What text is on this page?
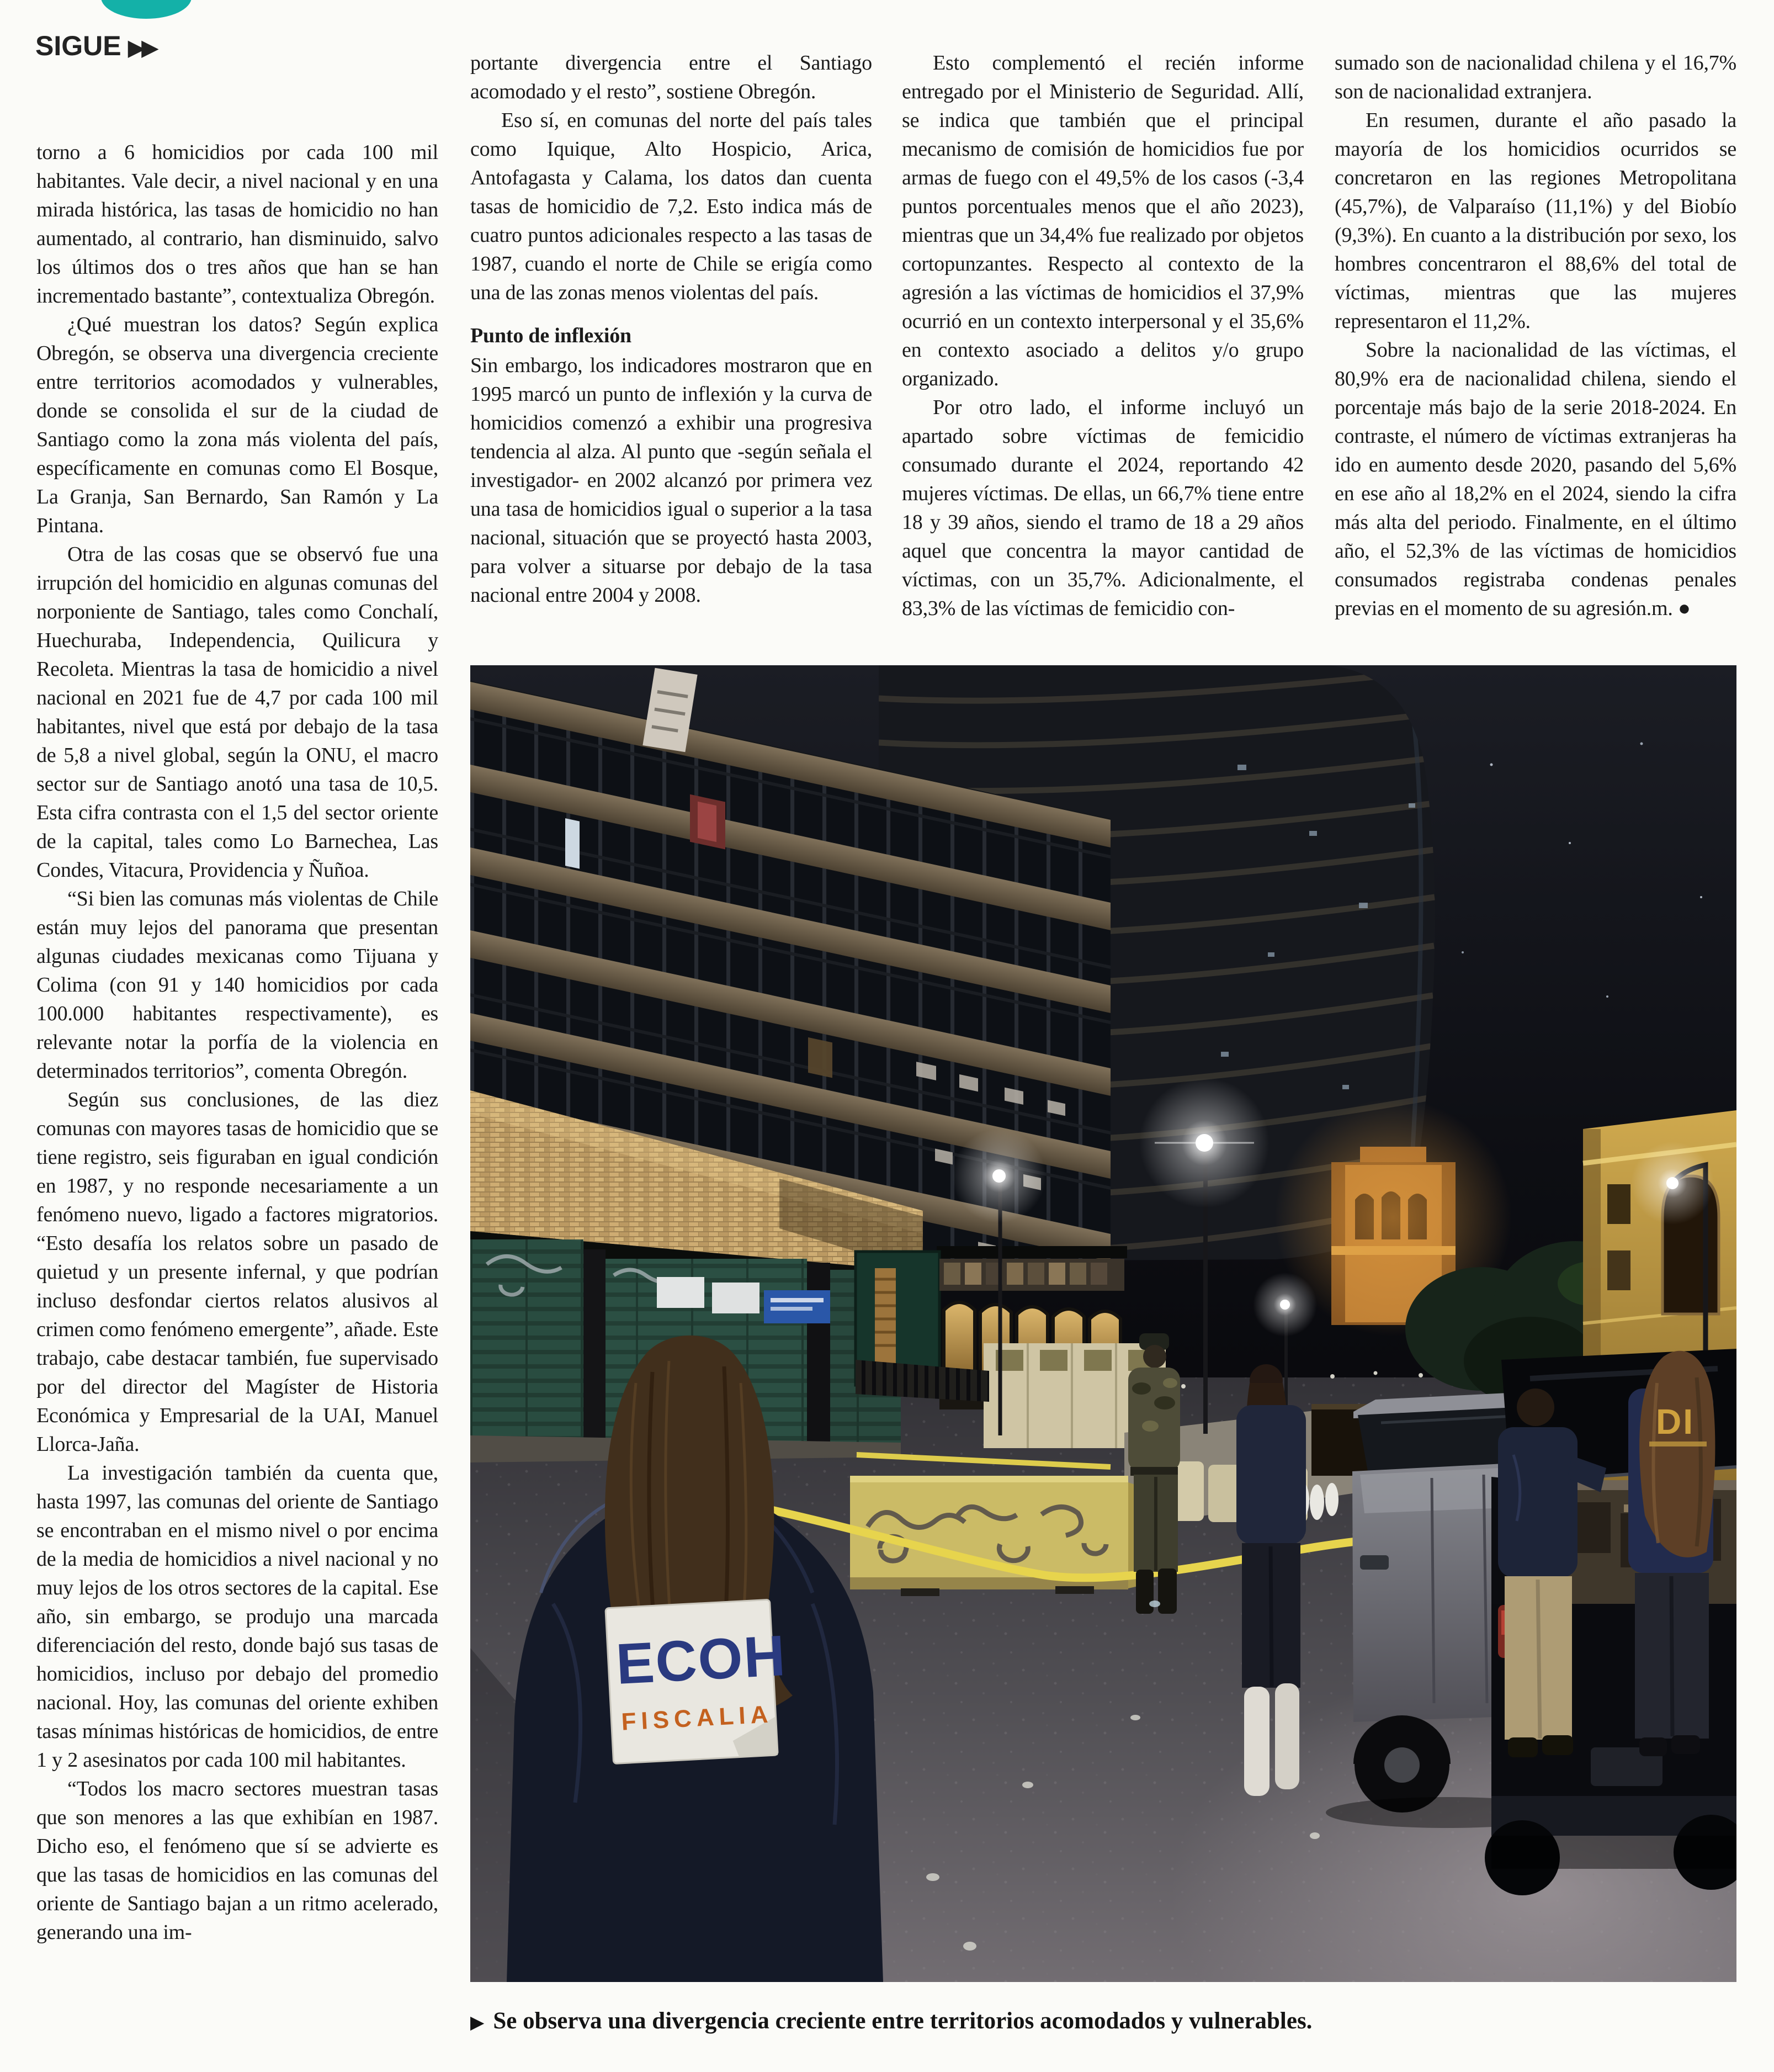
SIGUE ▶▶

torno a 6 homicidios por cada 100 mil habitantes. Vale decir, a nivel nacional y en una mirada histórica, las tasas de homicidio no han aumentado, al contrario, han disminuido, salvo los últimos dos o tres años que han se han incrementado bastante”, contextualiza Obregón.

¿Qué muestran los datos? Según explica Obregón, se observa una divergencia creciente entre territorios acomodados y vulnerables, donde se consolida el sur de la ciudad de Santiago como la zona más violenta del país, específicamente en comunas como El Bosque, La Granja, San Bernardo, San Ramón y La Pintana.

Otra de las cosas que se observó fue una irrupción del homicidio en algunas comunas del norponiente de Santiago, tales como Conchalí, Huechuraba, Independencia, Quilicura y Recoleta. Mientras la tasa de homicidio a nivel nacional en 2021 fue de 4,7 por cada 100 mil habitantes, nivel que está por debajo de la tasa de 5,8 a nivel global, según la ONU, el macro sector sur de Santiago anotó una tasa de 10,5. Esta cifra contrasta con el 1,5 del sector oriente de la capital, tales como Lo Barnechea, Las Condes, Vitacura, Providencia y Ñuñoa.

“Si bien las comunas más violentas de Chile están muy lejos del panorama que presentan algunas ciudades mexicanas como Tijuana y Colima (con 91 y 140 homicidios por cada 100.000 habitantes respectivamente), es relevante notar la porfía de la violencia en determinados territorios”, comenta Obregón.

Según sus conclusiones, de las diez comunas con mayores tasas de homicidio que se tiene registro, seis figuraban en igual condición en 1987, y no responde necesariamente a un fenómeno nuevo, ligado a factores migratorios. “Esto desafía los relatos sobre un pasado de quietud y un presente infernal, y que podrían incluso desfondar ciertos relatos alusivos al crimen como fenómeno emergente”, añade. Este trabajo, cabe destacar también, fue supervisado por del director del Magíster de Historia Económica y Empresarial de la UAI, Manuel Llorca-Jaña.

La investigación también da cuenta que, hasta 1997, las comunas del oriente de Santiago se encontraban en el mismo nivel o por encima de la media de homicidios a nivel nacional y no muy lejos de los otros sectores de la capital. Ese año, sin embargo, se produjo una marcada diferenciación del resto, donde bajó sus tasas de homicidios, incluso por debajo del promedio nacional. Hoy, las comunas del oriente exhiben tasas mínimas históricas de homicidios, de entre 1 y 2 asesinatos por cada 100 mil habitantes.

“Todos los macro sectores muestran tasas que son menores a las que exhibían en 1987. Dicho eso, el fenómeno que sí se advierte es que las tasas de homicidios en las comunas del oriente de Santiago bajan a un ritmo acelerado, generando una im-

portante divergencia entre el Santiago acomodado y el resto”, sostiene Obregón.

Eso sí, en comunas del norte del país tales como Iquique, Alto Hospicio, Arica, Antofagasta y Calama, los datos dan cuenta tasas de homicidio de 7,2. Esto indica más de cuatro puntos adicionales respecto a las tasas de 1987, cuando el norte de Chile se erigía como una de las zonas menos violentas del país.

Punto de inflexión

Sin embargo, los indicadores mostraron que en 1995 marcó un punto de inflexión y la curva de homicidios comenzó a exhibir una progresiva tendencia al alza. Al punto que -según señala el investigador- en 2002 alcanzó por primera vez una tasa de homicidios igual o superior a la tasa nacional, situación que se proyectó hasta 2003, para volver a situarse por debajo de la tasa nacional entre 2004 y 2008.

Esto complementó el recién informe entregado por el Ministerio de Seguridad. Allí, se indica que también que el principal mecanismo de comisión de homicidios fue por armas de fuego con el 49,5% de los casos (-3,4 puntos porcentuales menos que el año 2023), mientras que un 34,4% fue realizado por objetos cortopunzantes. Respecto al contexto de la agresión a las víctimas de homicidios el 37,9% ocurrió en un contexto interpersonal y el 35,6% en contexto asociado a delitos y/o grupo organizado.

Por otro lado, el informe incluyó un apartado sobre víctimas de femicidio consumado durante el 2024, reportando 42 mujeres víctimas. De ellas, un 66,7% tiene entre 18 y 39 años, siendo el tramo de 18 a 29 años aquel que concentra la mayor cantidad de víctimas, con un 35,7%. Adicionalmente, el 83,3% de las víctimas de femicidio con-

sumado son de nacionalidad chilena y el 16,7% son de nacionalidad extranjera.

En resumen, durante el año pasado la mayoría de los homicidios ocurridos se concretaron en las regiones Metropolitana (45,7%), de Valparaíso (11,1%) y del Biobío (9,3%). En cuanto a la distribución por sexo, los hombres concentraron el 88,6% del total de víctimas, mientras que las mujeres representaron el 11,2%.

Sobre la nacionalidad de las víctimas, el 80,9% era de nacionalidad chilena, siendo el porcentaje más bajo de la serie 2018-2024. En contraste, el número de víctimas extranjeras ha ido en aumento desde 2020, pasando del 5,6% en ese año al 18,2% en el 2024, siendo la cifra más alta del periodo. Finalmente, en el último año, el 52,3% de las víctimas de homicidios consumados registraba condenas penales previas en el momento de su agresión.m. ●

DI
ECOH
FISCALIA
▶ Se observa una divergencia creciente entre territorios acomodados y vulnerables.
